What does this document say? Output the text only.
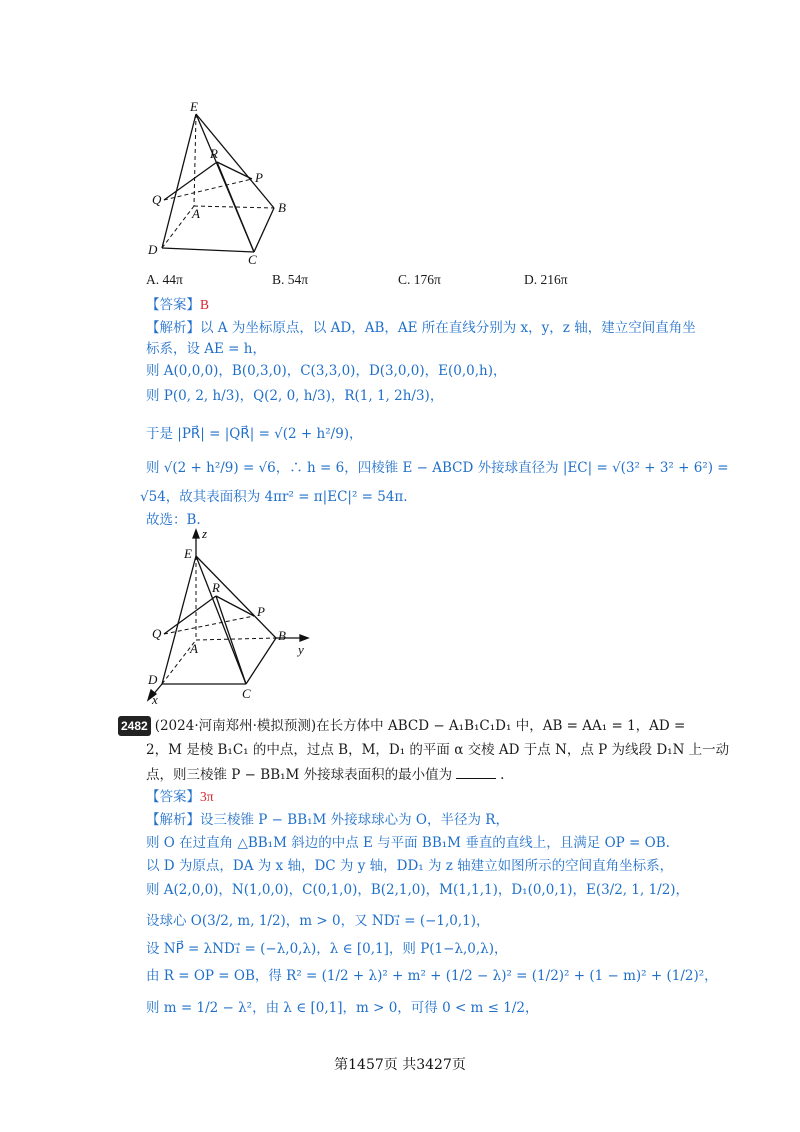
E
R
P
Q
A	B
D
C
A. 44π	B. 54π	C. 176π	D. 216π
【答案】B
【解析】以 A 为坐标原点，以 AD，AB，AE 所在直线分别为 x，y，z 轴，建立空间直角坐
标系，设 AE = h，
则 A(0,0,0)，B(0,3,0)，C(3,3,0)，D(3,0,0)，E(0,0,h)，
则 P(0, 2, h/3)，Q(2, 0, h/3)，R(1, 1, 2h/3)，
于是 |PR⃗| = |QR⃗| = √(2 + h²/9)，
则 √(2 + h²/9) = √6，∴ h = 6，四棱锥 E − ABCD 外接球直径为 |EC| = √(3² + 3² + 6²) =
√54，故其表面积为 4πr² = π|EC|² = 54π.
故选：B.
z
E
R
P
Q
A
B
y
D
C
x
2482 (2024·河南郑州·模拟预测)在长方体中 ABCD − A₁B₁C₁D₁ 中，AB = AA₁ = 1，AD =
2，M 是棱 B₁C₁ 的中点，过点 B，M，D₁ 的平面 α 交棱 AD 于点 N，点 P 为线段 D₁N 上一动
点，则三棱锥 P − BB₁M 外接球表面积的最小值为	.
【答案】3π
【解析】设三棱锥 P − BB₁M 外接球球心为 O，半径为 R，
则 O 在过直角 △BB₁M 斜边的中点 E 与平面 BB₁M 垂直的直线上，且满足 OP = OB.
以 D 为原点，DA 为 x 轴，DC 为 y 轴，DD₁ 为 z 轴建立如图所示的空间直角坐标系，
则 A(2,0,0)，N(1,0,0)，C(0,1,0)，B(2,1,0)，M(1,1,1)，D₁(0,0,1)，E(3/2, 1, 1/2)，
设球心 O(3/2, m, 1/2)，m > 0，又 ND₁⃗ = (−1,0,1)，
设 NP⃗ = λND₁⃗ = (−λ,0,λ)，λ ∈ [0,1]，则 P(1−λ,0,λ)，
由 R = OP = OB，得 R² = (1/2 + λ)² + m² + (1/2 − λ)² = (1/2)² + (1 − m)² + (1/2)²，
则 m = 1/2 − λ²，由 λ ∈ [0,1]，m > 0，可得 0 < m ≤ 1/2，
第1457页 共3427页
